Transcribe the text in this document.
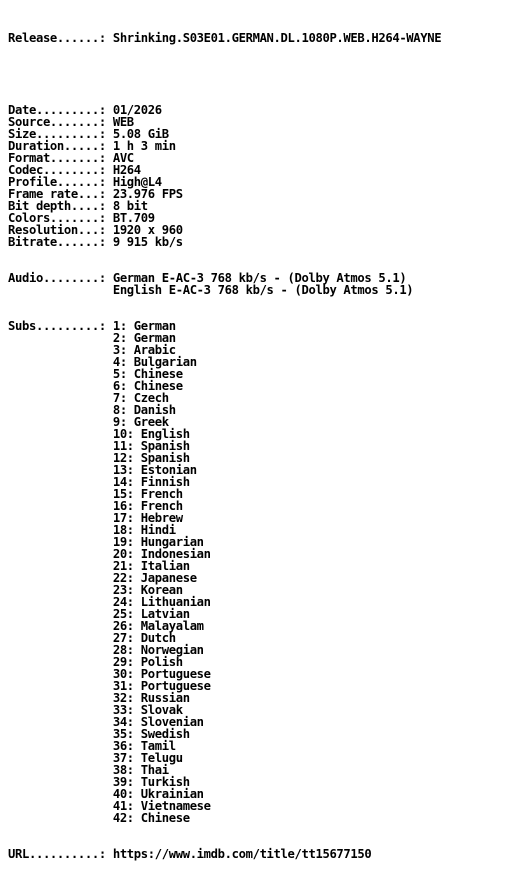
Release......: Shrinking.S03E01.GERMAN.DL.1080P.WEB.H264-WAYNE

Date.........: 01/2026
Source.......: WEB
Size.........: 5.08 GiB
Duration.....: 1 h 3 min
Format.......: AVC
Codec........: H264
Profile......: High@L4
Frame rate...: 23.976 FPS
Bit depth....: 8 bit
Colors.......: BT.709
Resolution...: 1920 x 960
Bitrate......: 9 915 kb/s

Audio........: German E-AC-3 768 kb/s - (Dolby Atmos 5.1)
English E-AC-3 768 kb/s - (Dolby Atmos 5.1)

Subs.........: 1: German
2: German
3: Arabic
4: Bulgarian
5: Chinese
6: Chinese
7: Czech
8: Danish
9: Greek
10: English
11: Spanish
12: Spanish
13: Estonian
14: Finnish
15: French
16: French
17: Hebrew
18: Hindi
19: Hungarian
20: Indonesian
21: Italian
22: Japanese
23: Korean
24: Lithuanian
25: Latvian
26: Malayalam
27: Dutch
28: Norwegian
29: Polish
30: Portuguese
31: Portuguese
32: Russian
33: Slovak
34: Slovenian
35: Swedish
36: Tamil
37: Telugu
38: Thai
39: Turkish
40: Ukrainian
41: Vietnamese
42: Chinese

URL..........: https://www.imdb.com/title/tt15677150
